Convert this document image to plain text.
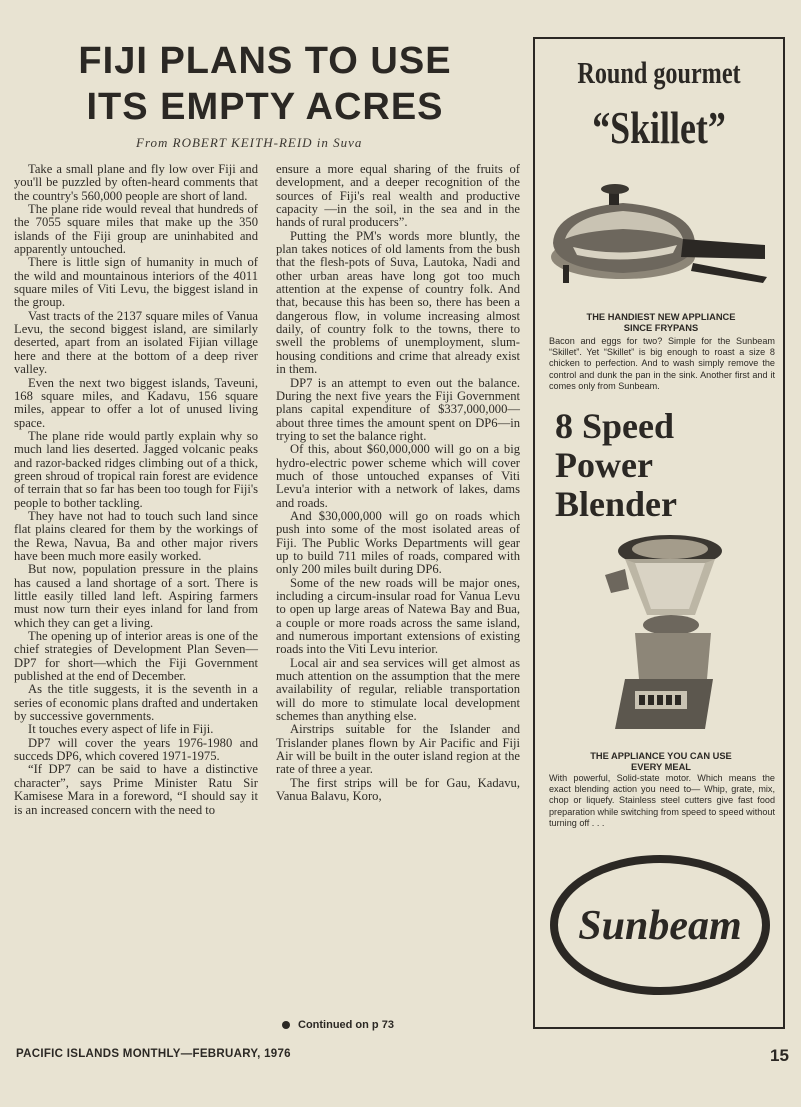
FIJI PLANS TO USE
ITS EMPTY ACRES
From ROBERT KEITH-REID in Suva

Take a small plane and fly low over Fiji and you'll be puzzled by often-heard comments that the country's 560,000 people are short of land.

The plane ride would reveal that hundreds of the 7055 square miles that make up the 350 islands of the Fiji group are uninhabited and apparently untouched.

There is little sign of humanity in much of the wild and mountainous interiors of the 4011 square miles of Viti Levu, the biggest island in the group.

Vast tracts of the 2137 square miles of Vanua Levu, the second biggest island, are similarly deserted, apart from an isolated Fijian village here and there at the bottom of a deep river valley.

Even the next two biggest islands, Taveuni, 168 square miles, and Kadavu, 156 square miles, appear to offer a lot of unused living space.

The plane ride would partly explain why so much land lies deserted. Jagged volcanic peaks and razor-backed ridges climbing out of a thick, green shroud of tropical rain forest are evidence of terrain that so far has been too tough for Fiji's people to bother tackling.

They have not had to touch such land since flat plains cleared for them by the workings of the Rewa, Navua, Ba and other major rivers have been much more easily worked.

But now, population pressure in the plains has caused a land shortage of a sort. There is little easily tilled land left. Aspiring farmers must now turn their eyes inland for land from which they can get a living.

The opening up of interior areas is one of the chief strategies of Development Plan Seven—DP7 for short—which the Fiji Government published at the end of December.

As the title suggests, it is the seventh in a series of economic plans drafted and undertaken by successive governments.

It touches every aspect of life in Fiji.

DP7 will cover the years 1976-1980 and succeds DP6, which covered 1971-1975.

“If DP7 can be said to have a distinctive character”, says Prime Minister Ratu Sir Kamisese Mara in a foreword, “I should say it is an increased concern with the need to

ensure a more equal sharing of the fruits of development, and a deeper recognition of the sources of Fiji's real wealth and productive capacity —in the soil, in the sea and in the hands of rural producers”.

Putting the PM's words more bluntly, the plan takes notices of old laments from the bush that the flesh-pots of Suva, Lautoka, Nadi and other urban areas have long got too much attention at the expense of country folk. And that, because this has been so, there has been a dangerous flow, in volume increasing almost daily, of country folk to the towns, there to swell the problems of unemployment, slum-housing conditions and crime that already exist in them.

DP7 is an attempt to even out the balance. During the next five years the Fiji Government plans capital expenditure of $337,000,000—about three times the amount spent on DP6—in trying to set the balance right.

Of this, about $60,000,000 will go on a big hydro-electric power scheme which will cover much of those untouched expanses of Viti Levu'a interior with a network of lakes, dams and roads.

And $30,000,000 will go on roads which push into some of the most isolated areas of Fiji. The Public Works Departments will gear up to build 711 miles of roads, compared with only 200 miles built during DP6.

Some of the new roads will be major ones, including a circum-insular road for Vanua Levu to open up large areas of Natewa Bay and Bua, a couple or more roads across the same island, and numerous important extensions of existing roads into the Viti Levu interior.

Local air and sea services will get almost as much attention on the assumption that the mere availability of regular, reliable transportation will do more to stimulate local development schemes than anything else.

Airstrips suitable for the Islander and Trislander planes flown by Air Pacific and Fiji Air will be built in the outer island region at the rate of three a year.

The first strips will be for Gau, Kadavu, Vanua Balavu, Koro,

Continued on p 73
PACIFIC ISLANDS MONTHLY—FEBRUARY, 1976	15
Round gourmet
“Skillet”
THE HANDIEST NEW APPLIANCE
SINCE FRYPANS
Bacon and eggs for two? Simple for the Sunbeam “Skillet”. Yet “Skillet” is big enough to roast a size 8 chicken to perfection. And to wash simply remove the control and dunk the pan in the sink. Another first and it comes only from Sunbeam.
8 Speed
Power
Blender
THE APPLIANCE YOU CAN USE
EVERY MEAL
With powerful, Solid-state motor. Which means the exact blending action you need to— Whip, grate, mix, chop or liquefy. Stainless steel cutters give fast food preparation while switching from speed to speed without turning off . . .
Sunbeam
